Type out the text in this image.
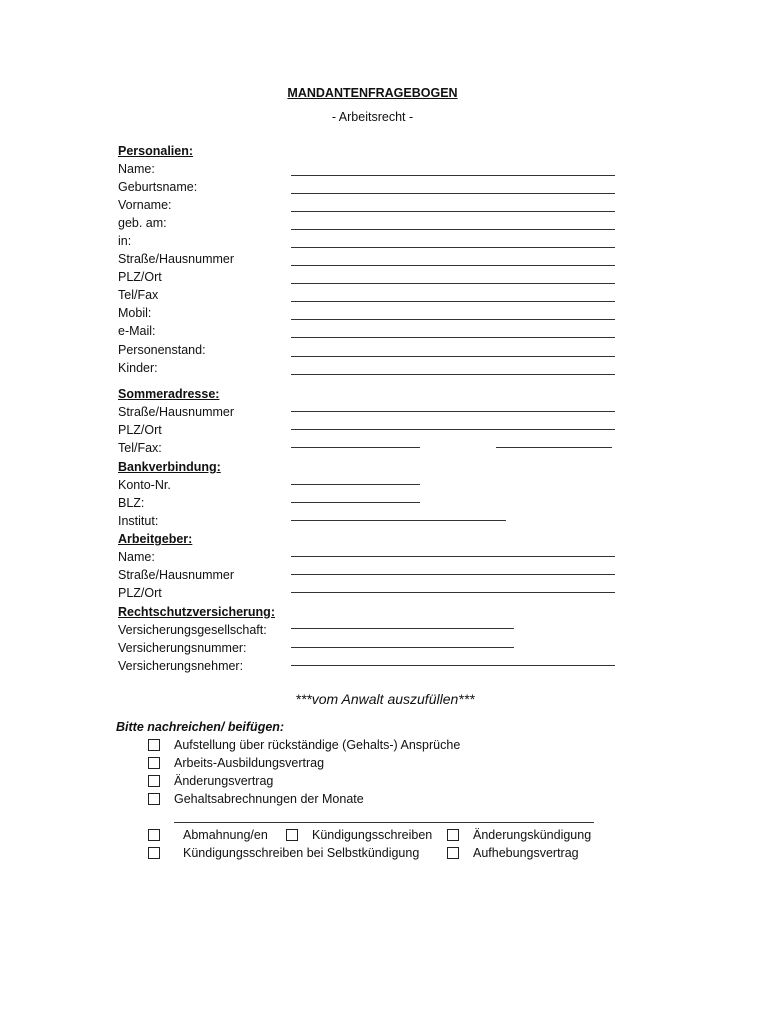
MANDANTENFRAGEBOGEN
- Arbeitsrecht -
Personalien:
Name:
Geburtsname:
Vorname:
geb. am:
in:
Straße/Hausnummer
PLZ/Ort
Tel/Fax
Mobil:
e-Mail:
Personenstand:
Kinder:
Sommeradresse:
Straße/Hausnummer
PLZ/Ort
Tel/Fax:
Bankverbindung:
Konto-Nr.
BLZ:
Institut:
Arbeitgeber:
Name:
Straße/Hausnummer
PLZ/Ort
Rechtschutzversicherung:
Versicherungsgesellschaft:
Versicherungsnummer:
Versicherungsnehmer:
***vom Anwalt auszufüllen***
Bitte nachreichen/ beifügen:
Aufstellung über rückständige (Gehalts-) Ansprüche
Arbeits-Ausbildungsvertrag
Änderungsvertrag
Gehaltsabrechnungen der Monate
Abmahnung/en	Kündigungsschreiben	Änderungskündigung
Kündigungsschreiben bei Selbstkündigung	Aufhebungsvertrag
